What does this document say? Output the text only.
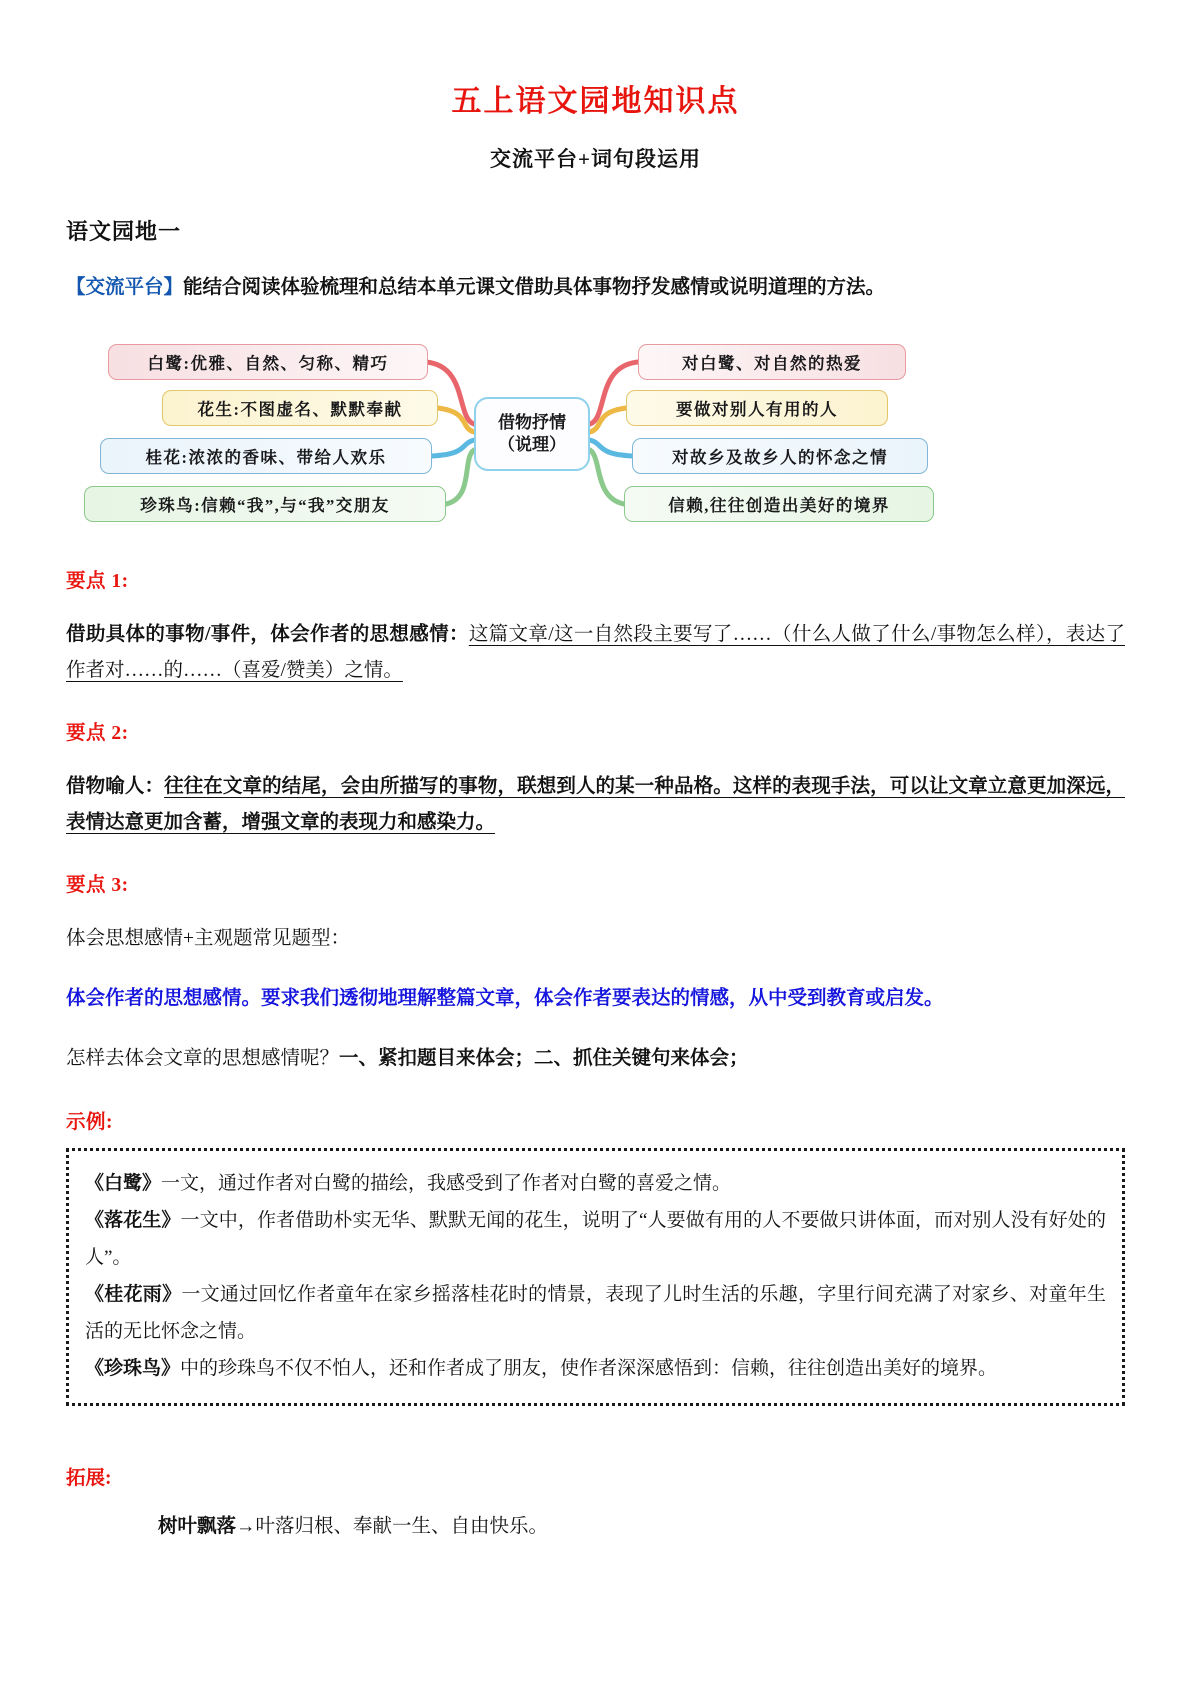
五上语文园地知识点
交流平台+词句段运用
语文园地一

【交流平台】能结合阅读体验梳理和总结本单元课文借助具体事物抒发感情或说明道理的方法。

白鹭:优雅、自然、匀称、精巧
花生:不图虚名、默默奉献
桂花:浓浓的香味、带给人欢乐
珍珠鸟:信赖“我”,与“我”交朋友
借物抒情
（说理）
对白鹭、对自然的热爱
要做对别人有用的人
对故乡及故乡人的怀念之情
信赖,往往创造出美好的境界
要点 1:

借助具体的事物/事件，体会作者的思想感情：这篇文章/这一自然段主要写了……（什么人做了什么/事物怎么样），表达了作者对……的……（喜爱/赞美）之情。

要点 2:

借物喻人：往往在文章的结尾，会由所描写的事物，联想到人的某一种品格。这样的表现手法，可以让文章立意更加深远，表情达意更加含蓄，增强文章的表现力和感染力。

要点 3:

体会思想感情+主观题常见题型：

体会作者的思想感情。要求我们透彻地理解整篇文章，体会作者要表达的情感，从中受到教育或启发。

怎样去体会文章的思想感情呢？一、紧扣题目来体会；二、抓住关键句来体会；

示例:

《白鹭》一文，通过作者对白鹭的描绘，我感受到了作者对白鹭的喜爱之情。

《落花生》一文中，作者借助朴实无华、默默无闻的花生，说明了“人要做有用的人不要做只讲体面，而对别人没有好处的人”。

《桂花雨》一文通过回忆作者童年在家乡摇落桂花时的情景，表现了儿时生活的乐趣，字里行间充满了对家乡、对童年生活的无比怀念之情。

《珍珠鸟》中的珍珠鸟不仅不怕人，还和作者成了朋友，使作者深深感悟到：信赖，往往创造出美好的境界。

拓展:
树叶飘落→叶落归根、奉献一生、自由快乐。
